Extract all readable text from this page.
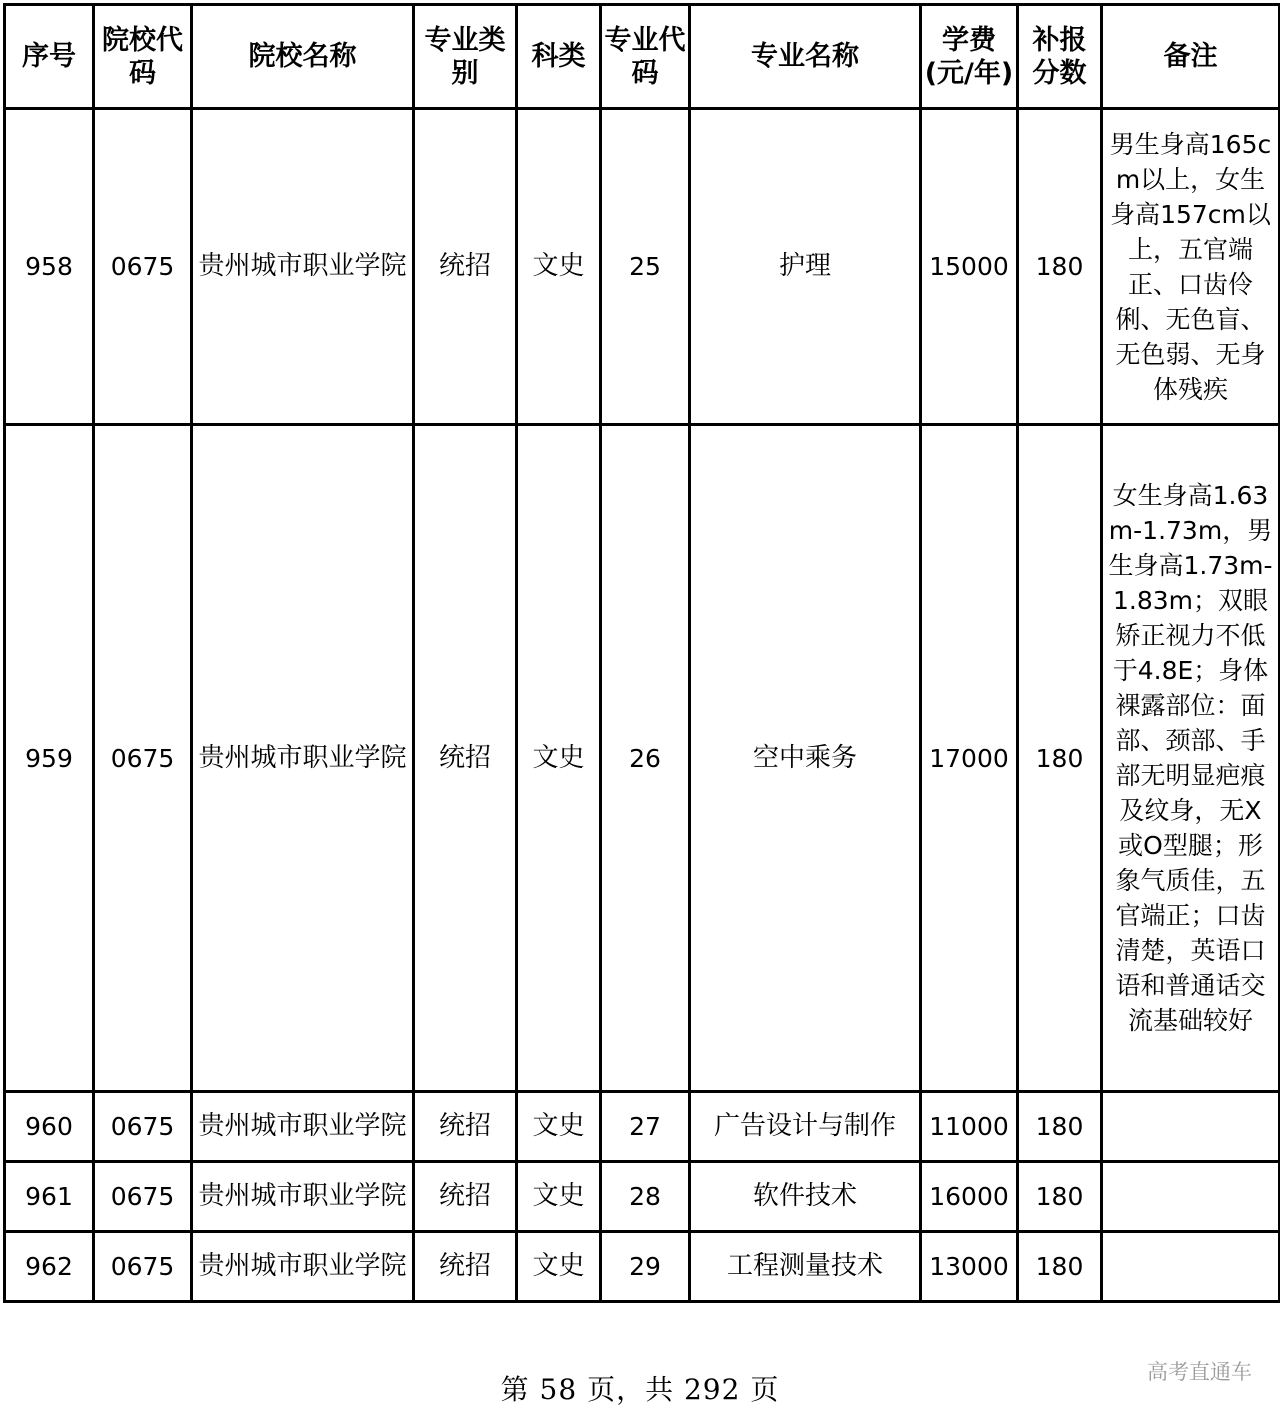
序号	院校代码	院校名称	专业类别	科类	专业代码	专业名称	学费(元/年)	补报分数	备注
958	0675	贵州城市职业学院	统招	文史	25	护理	15000	180	男生身高165cm以上，女生身高157cm以上，五官端正、口齿伶俐、无色盲、无色弱、无身体残疾
959	0675	贵州城市职业学院	统招	文史	26	空中乘务	17000	180	女生身高1.63m-1.73m，男生身高1.73m-1.83m；双眼矫正视力不低于4.8E；身体裸露部位：面部、颈部、手部无明显疤痕及纹身，无X或O型腿；形象气质佳，五官端正；口齿清楚，英语口语和普通话交流基础较好
960	0675	贵州城市职业学院	统招	文史	27	广告设计与制作	11000	180	
961	0675	贵州城市职业学院	统招	文史	28	软件技术	16000	180	
962	0675	贵州城市职业学院	统招	文史	29	工程测量技术	13000	180	
第 58 页，共 292 页
高考直通车
